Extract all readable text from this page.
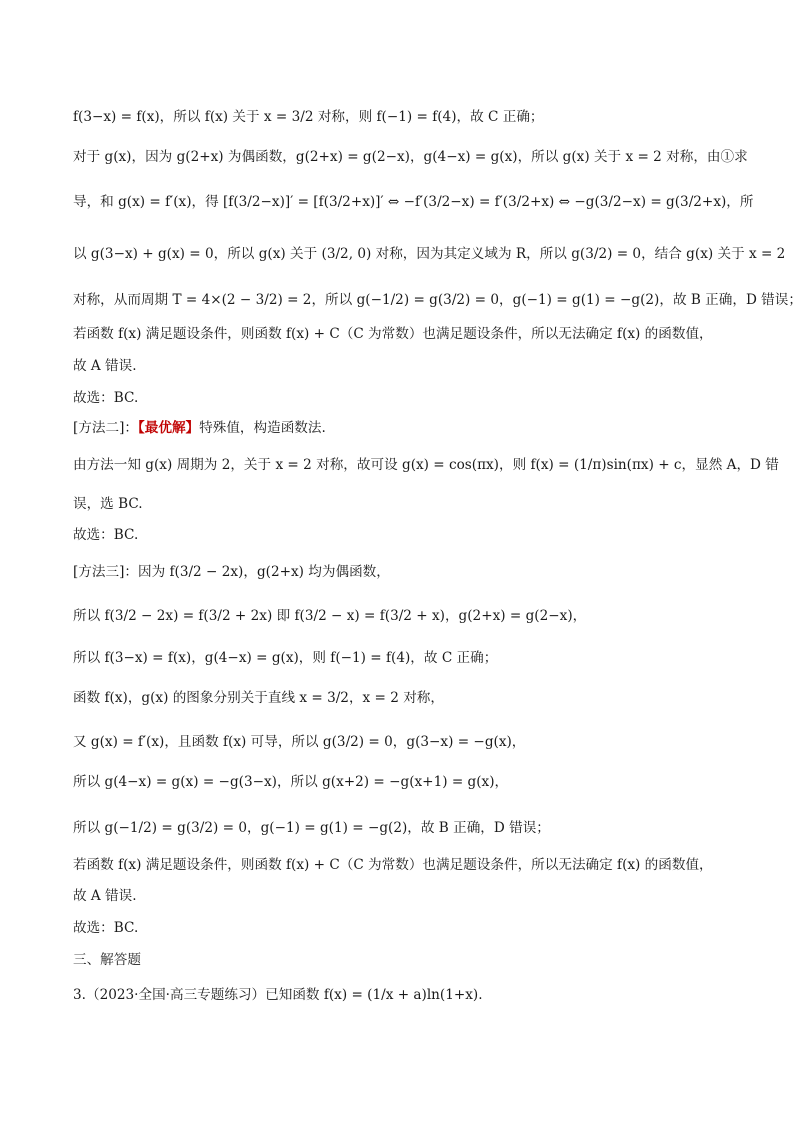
f(3−x) = f(x)，所以 f(x) 关于 x = 3/2 对称，则 f(−1) = f(4)，故 C 正确；
对于 g(x)，因为 g(2+x) 为偶函数，g(2+x) = g(2−x)，g(4−x) = g(x)，所以 g(x) 关于 x = 2 对称，由①求
导，和 g(x) = f′(x)，得 [f(3/2−x)]′ = [f(3/2+x)]′ ⇔ −f′(3/2−x) = f′(3/2+x) ⇔ −g(3/2−x) = g(3/2+x)，所
以 g(3−x) + g(x) = 0，所以 g(x) 关于 (3/2, 0) 对称，因为其定义域为 R，所以 g(3/2) = 0，结合 g(x) 关于 x = 2
对称，从而周期 T = 4×(2 − 3/2) = 2，所以 g(−1/2) = g(3/2) = 0，g(−1) = g(1) = −g(2)，故 B 正确，D 错误；
若函数 f(x) 满足题设条件，则函数 f(x) + C（C 为常数）也满足题设条件，所以无法确定 f(x) 的函数值，
故 A 错误.
故选：BC.
[方法二]：【最优解】特殊值，构造函数法.
由方法一知 g(x) 周期为 2，关于 x = 2 对称，故可设 g(x) = cos(πx)，则 f(x) = (1/π)sin(πx) + c，显然 A，D 错
误，选 BC.
故选：BC.
[方法三]：因为 f(3/2 − 2x)，g(2+x) 均为偶函数，
所以 f(3/2 − 2x) = f(3/2 + 2x) 即 f(3/2 − x) = f(3/2 + x)，g(2+x) = g(2−x)，
所以 f(3−x) = f(x)，g(4−x) = g(x)，则 f(−1) = f(4)，故 C 正确；
函数 f(x)，g(x) 的图象分别关于直线 x = 3/2，x = 2 对称，
又 g(x) = f′(x)，且函数 f(x) 可导，所以 g(3/2) = 0，g(3−x) = −g(x)，
所以 g(4−x) = g(x) = −g(3−x)，所以 g(x+2) = −g(x+1) = g(x)，
所以 g(−1/2) = g(3/2) = 0，g(−1) = g(1) = −g(2)，故 B 正确，D 错误；
若函数 f(x) 满足题设条件，则函数 f(x) + C（C 为常数）也满足题设条件，所以无法确定 f(x) 的函数值，
故 A 错误.
故选：BC.
三、解答题
3.（2023·全国·高三专题练习）已知函数 f(x) = (1/x + a)ln(1+x).
